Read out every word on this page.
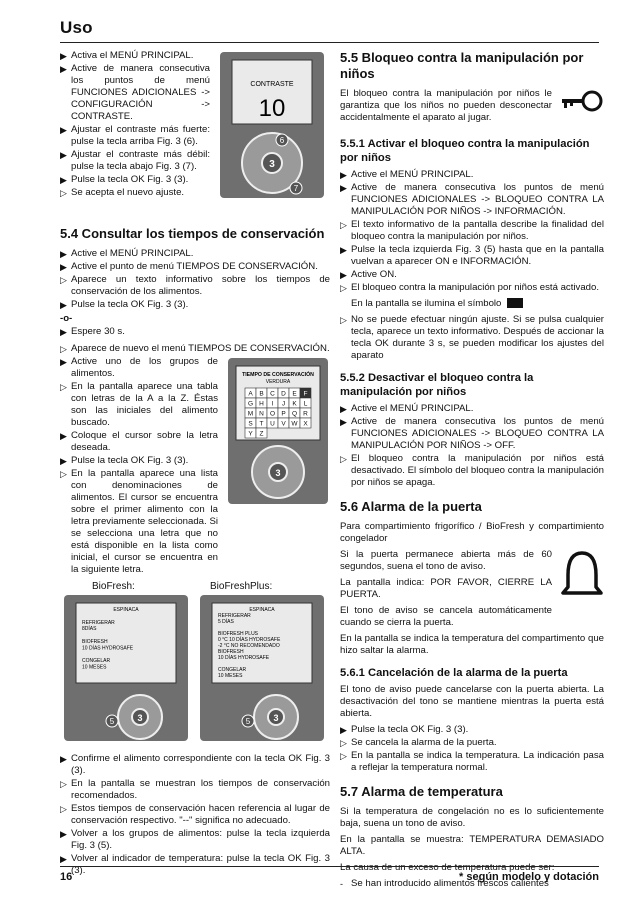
Uso
▶ Activa el MENÚ PRINCIPAL.
▶ Active de manera consecutiva los puntos de menú FUNCIONES ADICIONALES -> CONFIGURACIÓN -> CONTRASTE.
▶ Ajustar el contraste más fuerte: pulse la tecla arriba Fig. 3 (6).
▶ Ajustar el contraste más débil: pulse la tecla abajo Fig. 3 (7).
▶ Pulse la tecla OK Fig. 3 (3).
▷ Se acepta el nuevo ajuste.
CONTRASTE
10
3
6
7
5.4 Consultar los tiempos de conservación
▶ Active el MENÚ PRINCIPAL.
▶ Active el punto de menú TIEMPOS DE CONSERVACIÓN.
▷ Aparece un texto informativo sobre los tiempos de conservación de los alimentos.
▶ Pulse la tecla OK Fig. 3 (3).
-o-
▶ Espere 30 s.
▷ Aparece de nuevo el menú TIEMPOS DE CONSERVACIÓN.
▶ Active uno de los grupos de alimentos.
▷ En la pantalla aparece una tabla con letras de la A a la Z. Éstas son las iniciales del alimento buscado.
▶ Coloque el cursor sobre la letra deseada.
▶ Pulse la tecla OK Fig. 3 (3).
▷ En la pantalla aparece una lista con denominaciones de alimentos. El cursor se encuentra sobre el primer alimento con la letra previamente seleccionada. Si se selecciona una letra que no está disponible en la lista como inicial, el cursor se encuentra en la siguiente letra.
TIEMPO DE CONSERVACIÓN
VERDURA
A B C D E F
G H I J K L
M N O P Q R
S T U V W X
Y Z
3
BioFresh:
ESPINACA
REFRIGERAR
8DÍAS
BIOFRESH
10 DÍAS HYDROSAFE
CONGELAR
10 MESES
3
5
BioFreshPlus:
ESPINACA
REFRIGERAR
5 DÍAS
BIOFRESH PLUS
0 °C 10 DÍAS HYDROSAFE
-2 °C NO RECOMENDADO
BIOFRESH
10 DÍAS HYDROSAFE
CONGELAR
10 MESES
3
5
▶ Confirme el alimento correspondiente con la tecla OK Fig. 3 (3).
▷ En la pantalla se muestran los tiempos de conservación recomendados.
▷ Estos tiempos de conservación hacen referencia al lugar de conservación respectivo. "--" significa no adecuado.
▶ Volver a los grupos de alimentos: pulse la tecla izquierda Fig. 3 (5).
▶ Volver al indicador de temperatura: pulse la tecla OK Fig. 3 (3).
5.5 Bloqueo contra la manipulación por niños
El bloqueo contra la manipulación por niños le garantiza que los niños no pueden desconectar accidentalmente el aparato al jugar.
5.5.1 Activar el bloqueo contra la manipulación por niños
▶ Active el MENÚ PRINCIPAL.
▶ Active de manera consecutiva los puntos de menú FUNCIONES ADICIONALES -> BLOQUEO CONTRA LA MANIPULACIÓN POR NIÑOS -> INFORMACIÓN.
▷ El texto informativo de la pantalla describe la finalidad del bloqueo contra la manipulación por niños.
▶ Pulse la tecla izquierda Fig. 3 (5) hasta que en la pantalla vuelvan a aparecer ON e INFORMACIÓN.
▶ Active ON.
▷ El bloqueo contra la manipulación por niños está activado.
En la pantalla se ilumina el símbolo
▷ No se puede efectuar ningún ajuste. Si se pulsa cualquier tecla, aparece un texto informativo. Después de accionar la tecla OK durante 3 s, se pueden modificar los ajustes del aparato
5.5.2 Desactivar el bloqueo contra la manipulación por niños
▶ Active el MENÚ PRINCIPAL.
▶ Active de manera consecutiva los puntos de menú FUNCIONES ADICIONALES -> BLOQUEO CONTRA LA MANIPULACIÓN POR NIÑOS -> OFF.
▷ El bloqueo contra la manipulación por niños está desactivado. El símbolo del bloqueo contra la manipulación por niños se apaga.
5.6 Alarma de la puerta
Para compartimiento frigorífico / BioFresh y compartimiento congelador
Si la puerta permanece abierta más de 60 segundos, suena el tono de aviso.
La pantalla indica: POR FAVOR, CIERRE LA PUERTA.
El tono de aviso se cancela automáticamente cuando se cierra la puerta.
En la pantalla se indica la temperatura del compartimento que hizo saltar la alarma.
5.6.1 Cancelación de la alarma de la puerta
El tono de aviso puede cancelarse con la puerta abierta. La desactivación del tono se mantiene mientras la puerta está abierta.
▶ Pulse la tecla OK Fig. 3 (3).
▷ Se cancela la alarma de la puerta.
▷ En la pantalla se indica la temperatura. La indicación pasa a reflejar la temperatura normal.
5.7 Alarma de temperatura
Si la temperatura de congelación no es lo suficientemente baja, suena un tono de aviso.
En la pantalla se muestra: TEMPERATURA DEMASIADO ALTA.
La causa de un exceso de temperatura puede ser:
- Se han introducido alimentos frescos calientes
16	* según modelo y dotación
